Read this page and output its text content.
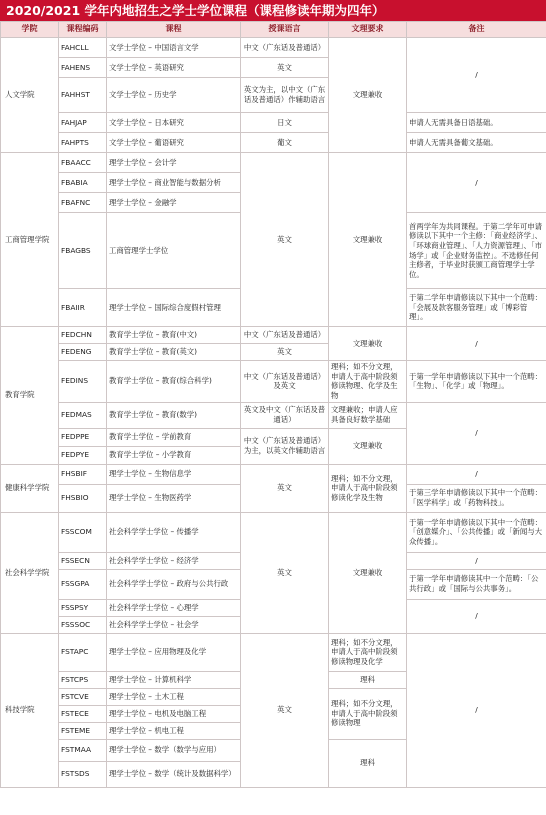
2020/2021 学年内地招生之学士学位课程（课程修读年期为四年）
学院	课程编码	课程	授课语言	文理要求	备注
人文学院	FAHCLL	文学士学位 – 中国语言文学	中文（广东话及普通话）	文理兼收	/
	FAHENS	文学士学位 – 英语研究	英文		
	FAHHST	文学士学位 – 历史学	英文为主，以中文（广东话及普通话）作辅助语言		
	FAHJAP	文学士学位 – 日本研究	日文		申请人无需具备日语基础。
	FAHPTS	文学士学位 – 葡语研究	葡文		申请人无需具备葡文基础。
工商管理学院	FBAACC	理学士学位 – 会计学	英文	文理兼收	/
	FBABIA	理学士学位 – 商业智能与数据分析			
	FBAFNC	理学士学位 – 金融学			
	FBAGBS	工商管理学士学位			首两学年为共同课程。于第二学年可申请修读以下其中一个主修：「商业经济学」、「环球商业管理」、「人力资源管理」、「市场学」或「企业财务监控」。不选修任何主修者，于毕业时获颁工商管理学士学位。
	FBAIIR	理学士学位 – 国际综合度假村管理			于第二学年申请修读以下其中一个范畴：「会展及款客服务管理」或「博彩管理」。
教育学院	FEDCHN	教育学士学位 – 教育(中文)	中文（广东话及普通话）	文理兼收	/
	FEDENG	教育学士学位 – 教育(英文)	英文		
	FEDINS	教育学士学位 – 教育(综合科学)	中文（广东话及普通话）及英文	理科；如不分文理，申请人于高中阶段须修读物理、化学及生物	于第一学年申请修读以下其中一个范畴：「生物」、「化学」或「物理」。
	FEDMAS	教育学士学位 – 教育(数学)	英文及中文（广东话及普通话）	文理兼收；申请人应具备良好数学基础	/
	FEDPPE	教育学士学位 – 学前教育	中文（广东话及普通话）为主，以英文作辅助语言	文理兼收	
	FEDPYE	教育学士学位 – 小学教育			
健康科学学院	FHSBIF	理学士学位 – 生物信息学	英文	理科；如不分文理，申请人于高中阶段须修读化学及生物	/
	FHSBIO	理学士学位 – 生物医药学			于第三学年申请修读以下其中一个范畴：「医学科学」或「药物科技」。
社会科学学院	FSSCOM	社会科学学士学位 – 传播学	英文	文理兼收	于第一学年申请修读以下其中一个范畴：「创意媒介」、「公共传播」或「新闻与大众传播」。
	FSSECN	社会科学学士学位 – 经济学			/
	FSSGPA	社会科学学士学位 – 政府与公共行政			于第一学年申请修读其中一个范畴：「公共行政」或「国际与公共事务」。
	FSSPSY	社会科学学士学位 – 心理学			/
	FSSSOC	社会科学学士学位 – 社会学			
科技学院	FSTAPC	理学士学位 – 应用物理及化学	英文	理科；如不分文理，申请人于高中阶段须修读物理及化学	/
	FSTCPS	理学士学位 – 计算机科学		理科	
	FSTCVE	理学士学位 – 土木工程		理科；如不分文理，申请人于高中阶段须修读物理	
	FSTECE	理学士学位 – 电机及电脑工程			
	FSTEME	理学士学位 – 机电工程			
	FSTMAA	理学士学位 – 数学（数学与应用）		理科	
	FSTSDS	理学士学位 – 数学（统计及数据科学）			
